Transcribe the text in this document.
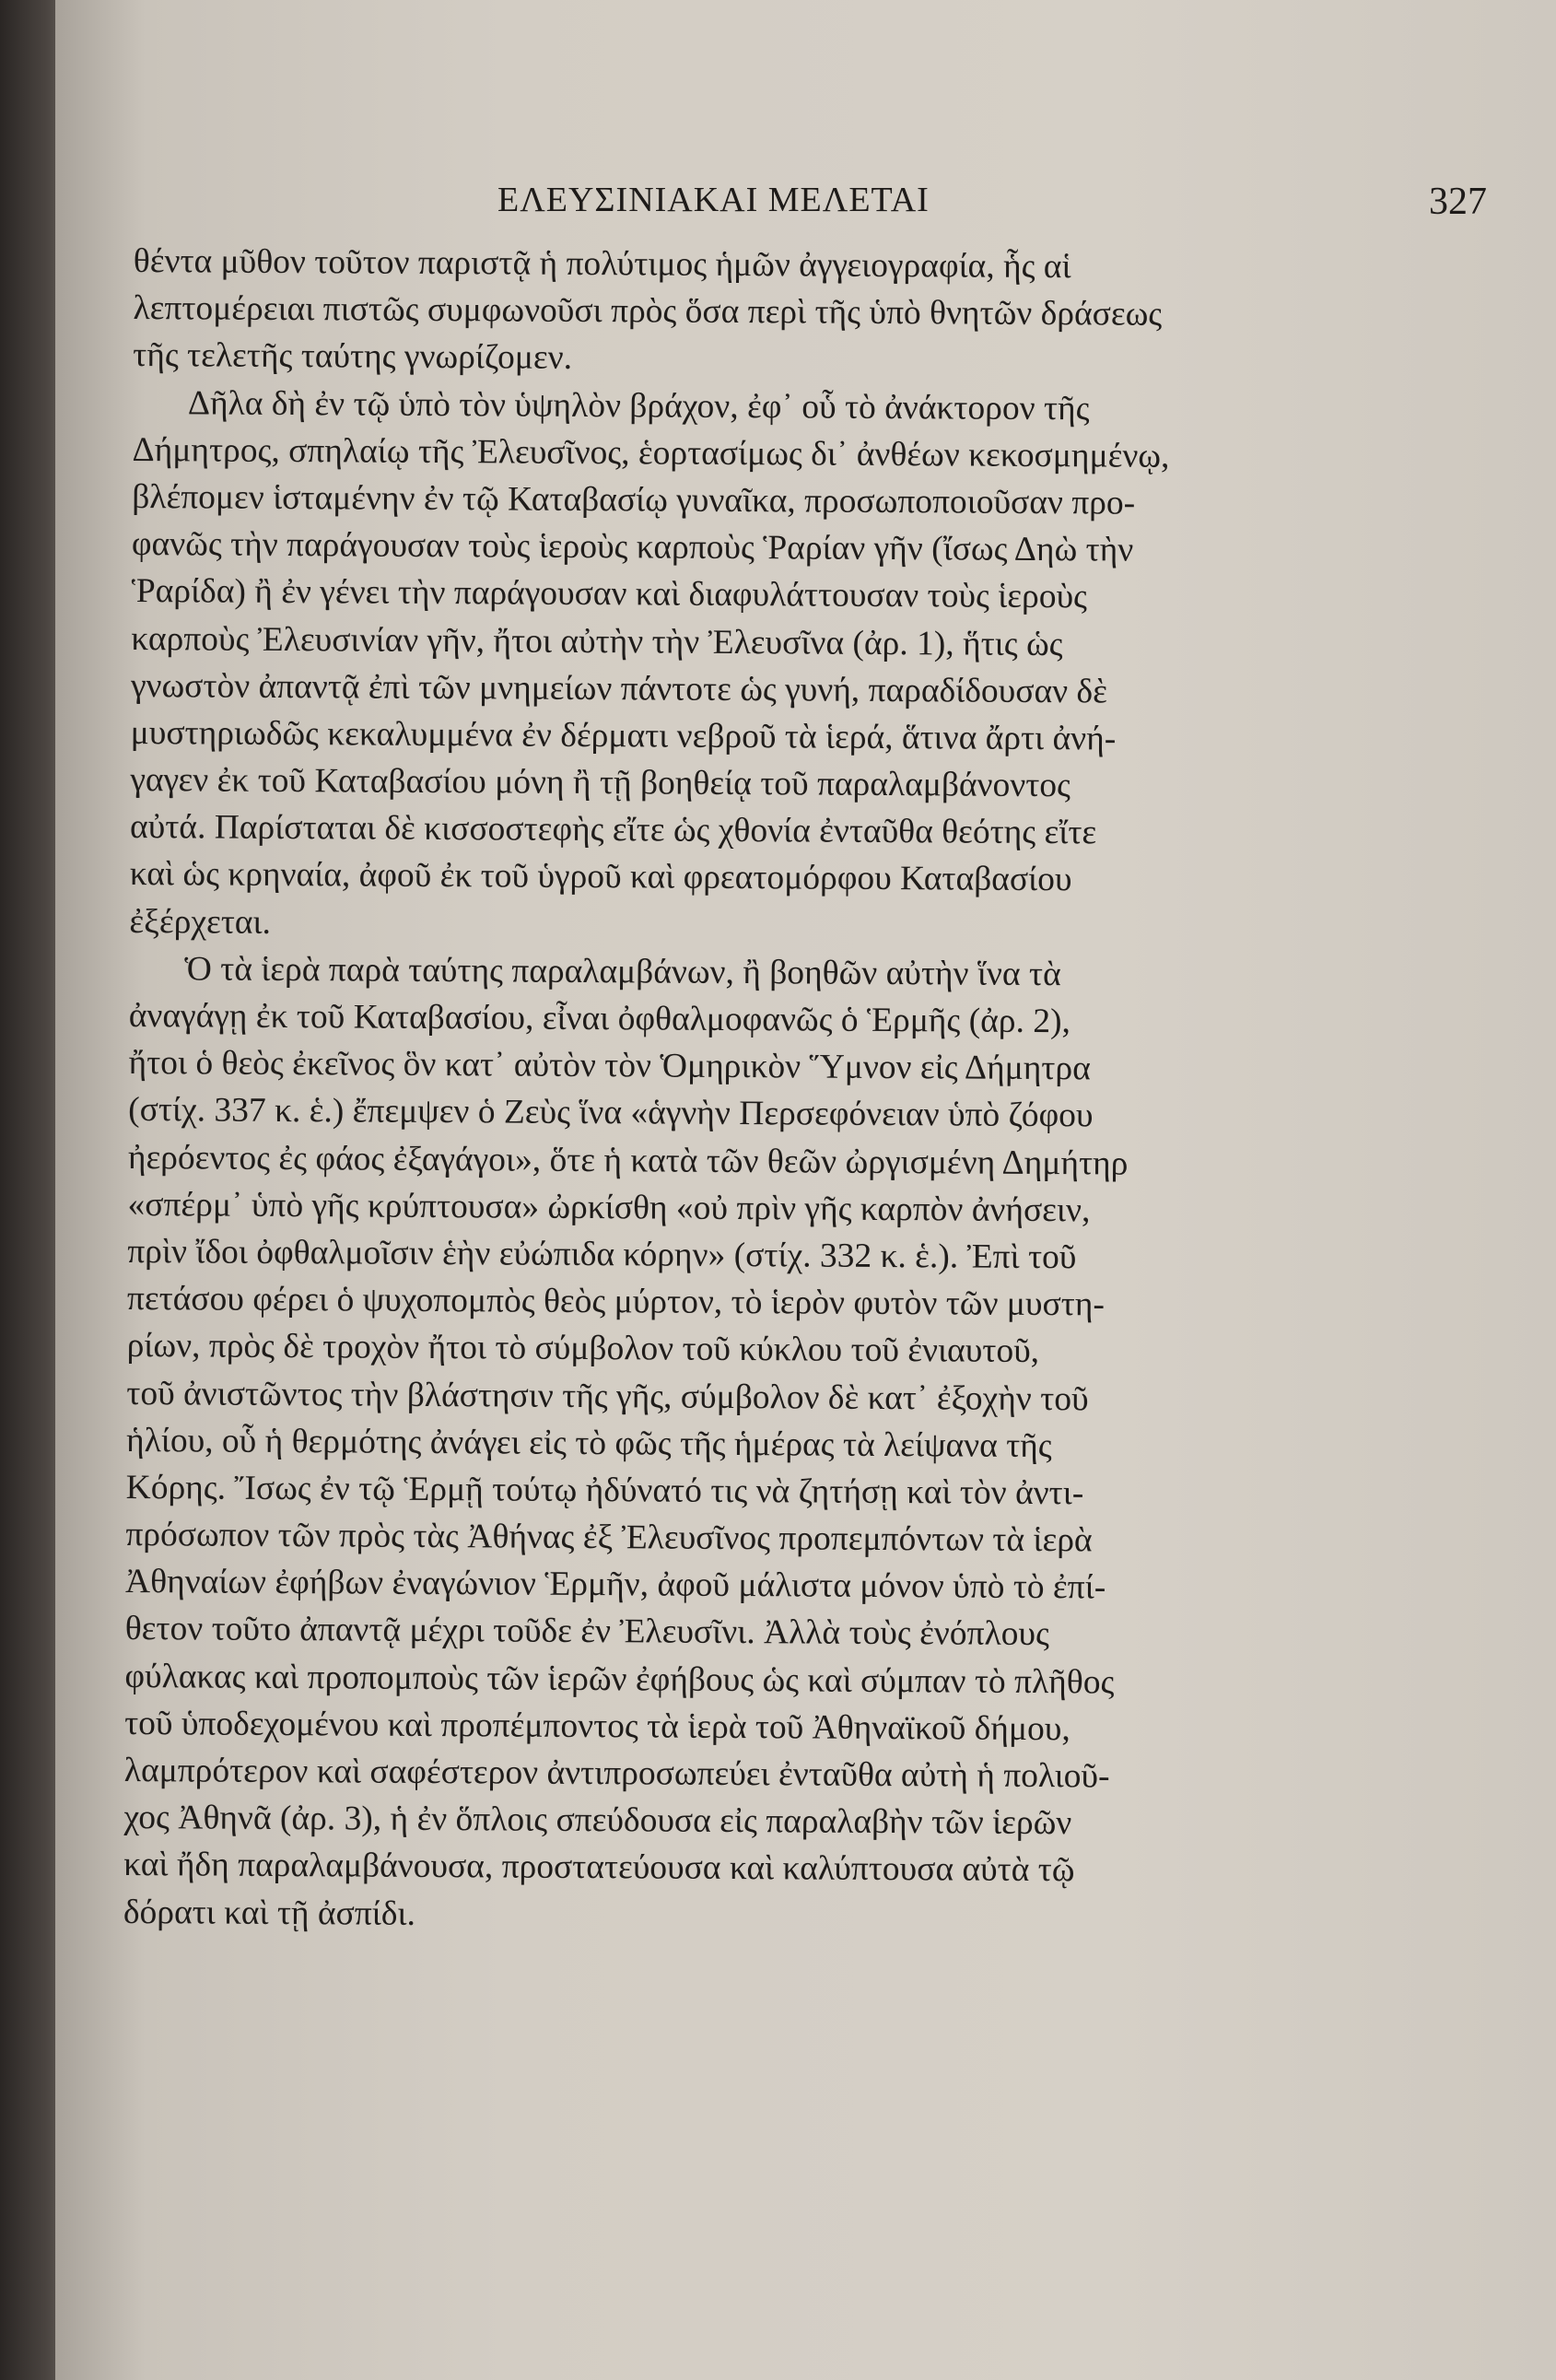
ΕΛΕΥΣΙΝΙΑΚΑΙ ΜΕΛΕΤΑΙ	327
θέντα μῦθον τοῦτον παριστᾷ ἡ πολύτιμος ἡμῶν ἀγγειογραφία, ἧς αἱ
λεπτομέρειαι πιστῶς συμφωνοῦσι πρὸς ὅσα περὶ τῆς ὑπὸ θνητῶν δράσεως
τῆς τελετῆς ταύτης γνωρίζομεν.
Δῆλα δὴ ἐν τῷ ὑπὸ τὸν ὑψηλὸν βράχον, ἐφ᾿ οὗ τὸ ἀνάκτορον τῆς
Δήμητρος, σπηλαίῳ τῆς Ἐλευσῖνος, ἑορτασίμως δι᾿ ἀνθέων κεκοσμημένῳ,
βλέπομεν ἱσταμένην ἐν τῷ Καταβασίῳ γυναῖκα, προσωποποιοῦσαν προ-
φανῶς τὴν παράγουσαν τοὺς ἱεροὺς καρποὺς Ῥαρίαν γῆν (ἴσως Δηὼ τὴν
Ῥαρίδα) ἢ ἐν γένει τὴν παράγουσαν καὶ διαφυλάττουσαν τοὺς ἱεροὺς
καρποὺς Ἐλευσινίαν γῆν, ἤτοι αὐτὴν τὴν Ἐλευσῖνα (ἀρ. 1), ἥτις ὡς
γνωστὸν ἀπαντᾷ ἐπὶ τῶν μνημείων πάντοτε ὡς γυνή, παραδίδουσαν δὲ
μυστηριωδῶς κεκαλυμμένα ἐν δέρματι νεβροῦ τὰ ἱερά, ἅτινα ἄρτι ἀνή-
γαγεν ἐκ τοῦ Καταβασίου μόνη ἢ τῇ βοηθείᾳ τοῦ παραλαμβάνοντος
αὐτά. Παρίσταται δὲ κισσοστεφὴς εἴτε ὡς χθονία ἐνταῦθα θεότης εἴτε
καὶ ὡς κρηναία, ἀφοῦ ἐκ τοῦ ὑγροῦ καὶ φρεατομόρφου Καταβασίου
ἐξέρχεται.
Ὁ τὰ ἱερὰ παρὰ ταύτης παραλαμβάνων, ἢ βοηθῶν αὐτὴν ἵνα τὰ
ἀναγάγῃ ἐκ τοῦ Καταβασίου, εἶναι ὀφθαλμοφανῶς ὁ Ἑρμῆς (ἀρ. 2),
ἤτοι ὁ θεὸς ἐκεῖνος ὃν κατ᾿ αὐτὸν τὸν Ὁμηρικὸν Ὕμνον εἰς Δήμητρα
(στίχ. 337 κ. ἑ.) ἔπεμψεν ὁ Ζεὺς ἵνα «ἁγνὴν Περσεφόνειαν ὑπὸ ζόφου
ἠερόεντος ἐς φάος ἐξαγάγοι», ὅτε ἡ κατὰ τῶν θεῶν ὠργισμένη Δημήτηρ
«σπέρμ᾿ ὑπὸ γῆς κρύπτουσα» ὠρκίσθη «οὐ πρὶν γῆς καρπὸν ἀνήσειν,
πρὶν ἴδοι ὀφθαλμοῖσιν ἑὴν εὐώπιδα κόρην» (στίχ. 332 κ. ἑ.). Ἐπὶ τοῦ
πετάσου φέρει ὁ ψυχοπομπὸς θεὸς μύρτον, τὸ ἱερὸν φυτὸν τῶν μυστη-
ρίων, πρὸς δὲ τροχὸν ἤτοι τὸ σύμβολον τοῦ κύκλου τοῦ ἐνιαυτοῦ,
τοῦ ἀνιστῶντος τὴν βλάστησιν τῆς γῆς, σύμβολον δὲ κατ᾿ ἐξοχὴν τοῦ
ἡλίου, οὗ ἡ θερμότης ἀνάγει εἰς τὸ φῶς τῆς ἡμέρας τὰ λείψανα τῆς
Κόρης. Ἴσως ἐν τῷ Ἑρμῇ τούτῳ ἠδύνατό τις νὰ ζητήσῃ καὶ τὸν ἀντι-
πρόσωπον τῶν πρὸς τὰς Ἀθήνας ἐξ Ἐλευσῖνος προπεμπόντων τὰ ἱερὰ
Ἀθηναίων ἐφήβων ἐναγώνιον Ἑρμῆν, ἀφοῦ μάλιστα μόνον ὑπὸ τὸ ἐπί-
θετον τοῦτο ἀπαντᾷ μέχρι τοῦδε ἐν Ἐλευσῖνι. Ἀλλὰ τοὺς ἐνόπλους
φύλακας καὶ προπομποὺς τῶν ἱερῶν ἐφήβους ὡς καὶ σύμπαν τὸ πλῆθος
τοῦ ὑποδεχομένου καὶ προπέμποντος τὰ ἱερὰ τοῦ Ἀθηναϊκοῦ δήμου,
λαμπρότερον καὶ σαφέστερον ἀντιπροσωπεύει ἐνταῦθα αὐτὴ ἡ πολιοῦ-
χος Ἀθηνᾶ (ἀρ. 3), ἡ ἐν ὅπλοις σπεύδουσα εἰς παραλαβὴν τῶν ἱερῶν
καὶ ἤδη παραλαμβάνουσα, προστατεύουσα καὶ καλύπτουσα αὐτὰ τῷ
δόρατι καὶ τῇ ἀσπίδι.
